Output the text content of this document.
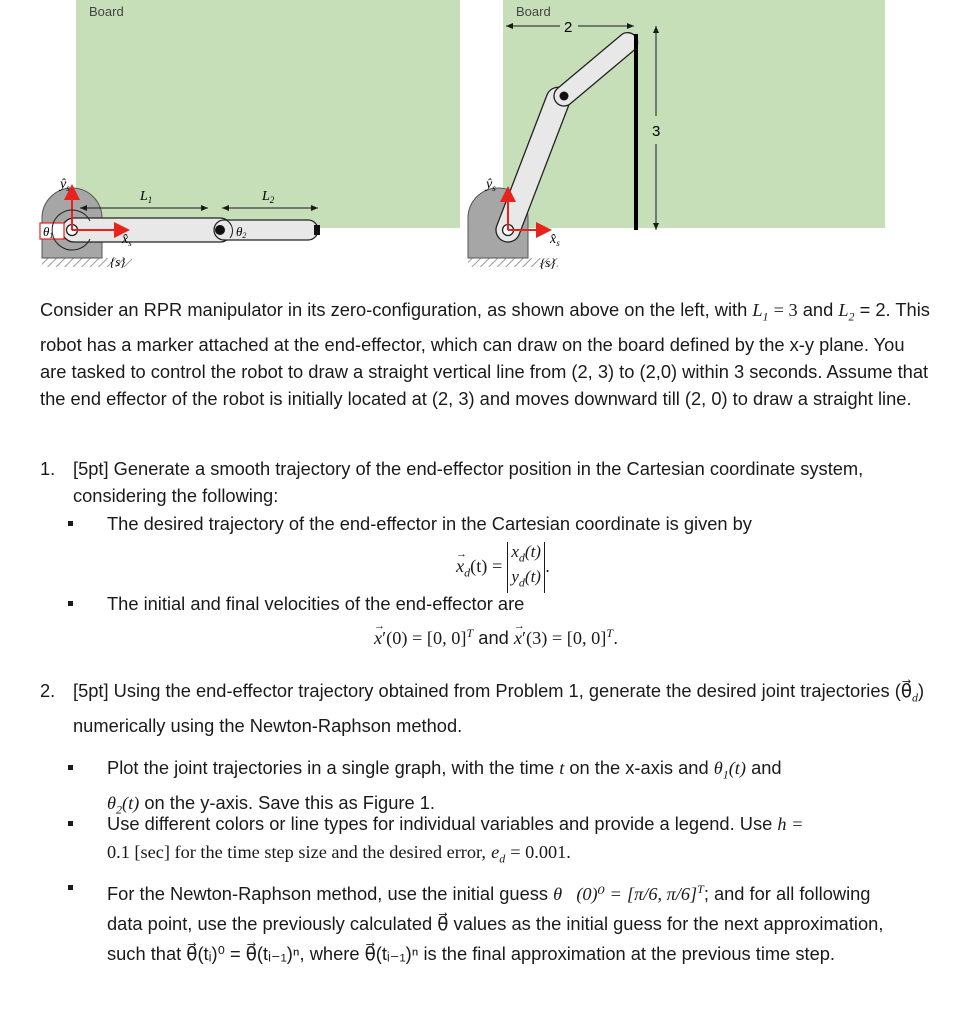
Board
$ŷ_s$
$x̂_s$
{s}
θ1	θ2
$L_1$	$L_2$
Board
$ŷ_s$
$x̂_s$
{s}
2
3

Consider an RPR manipulator in its zero-configuration, as shown above on the left, with $L_1 = 3$ and $L_2 = 2$. This robot has a marker attached at the end-effector, which can draw on the board defined by the x-y plane. You are tasked to control the robot to draw a straight vertical line from (2, 3) to (2,0) within 3 seconds. Assume that the end effector of the robot is initially located at (2, 3) and moves downward till (2, 0) to draw a straight line.

1. [5pt] Generate a smooth trajectory of the end-effector position in the Cartesian coordinate system, considering the following:
The desired trajectory of the end-effector in the Cartesian coordinate is given by
→ $x_d(t) = x_d(t)$
$y_d(t)$.
The initial and final velocities of the end-effector are
→ x′(0) = [0, 0]$^T$ and → x′(3) = [0, 0]$^T$.
2. [5pt] Using the end-effector trajectory obtained from Problem 1, generate the desired joint trajectories $(\theta⃗_d)$ numerically using the Newton-Raphson method.
Plot the joint trajectories in a single graph, with the time t on the x-axis and $\theta_1(t)$ and
$\theta_2(t)$ on the y-axis. Save this as Figure 1.
Use different colors or line types for individual variables and provide a legend. Use h =
0.1 [sec] for the time step size and the desired error, $e_d = 0.001$.
For the Newton-Raphson method, use the initial guess θ⃗(0)⁰ = [π/6, π/6]$^T$; and for all following data point, use the previously calculated θ⃗ values as the initial guess for the next approximation, such that θ⃗(tᵢ)⁰ = θ⃗(tᵢ₋₁)ⁿ, where θ⃗(tᵢ₋₁)ⁿ is the final approximation at the previous time step.
